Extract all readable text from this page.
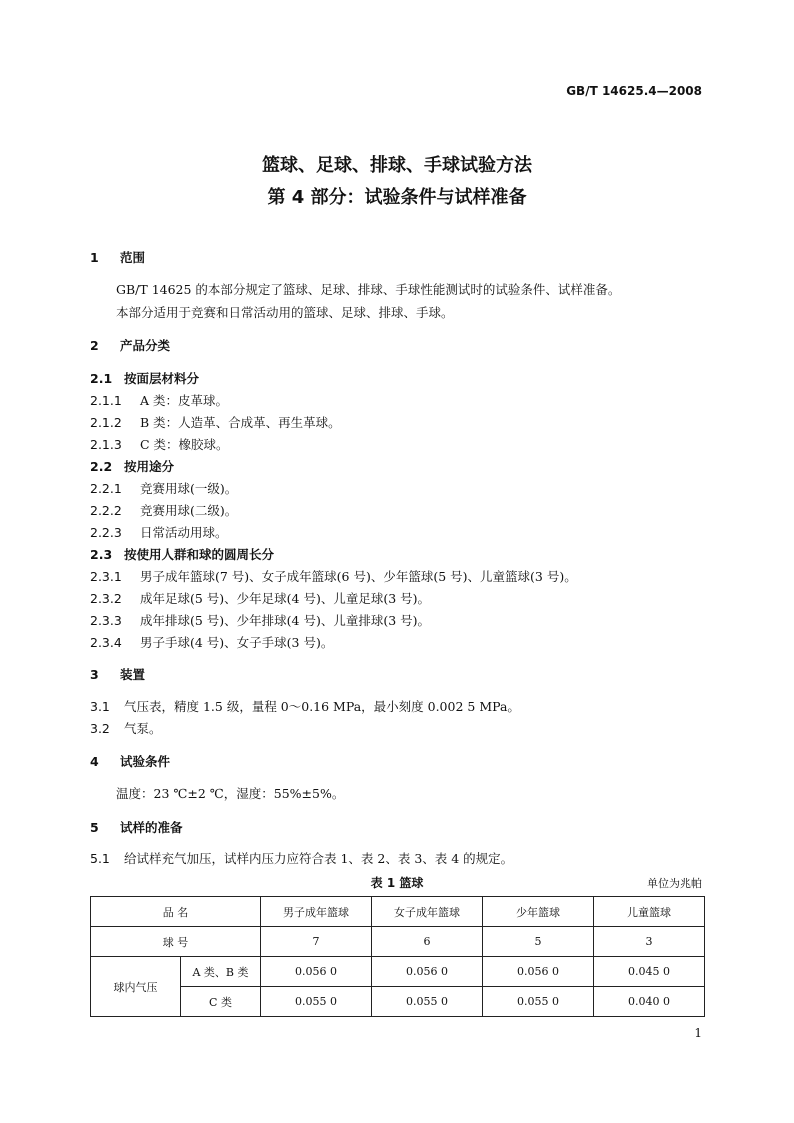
GB/T 14625.4—2008
篮球、足球、排球、手球试验方法
第 4 部分：试验条件与试样准备
1 范围
GB/T 14625 的本部分规定了篮球、足球、排球、手球性能测试时的试验条件、试样准备。
本部分适用于竞赛和日常活动用的篮球、足球、排球、手球。
2 产品分类
2.1 按面层材料分
2.1.1 A 类：皮革球。
2.1.2 B 类：人造革、合成革、再生革球。
2.1.3 C 类：橡胶球。
2.2 按用途分
2.2.1 竞赛用球(一级)。
2.2.2 竞赛用球(二级)。
2.2.3 日常活动用球。
2.3 按使用人群和球的圆周长分
2.3.1 男子成年篮球(7 号)、女子成年篮球(6 号)、少年篮球(5 号)、儿童篮球(3 号)。
2.3.2 成年足球(5 号)、少年足球(4 号)、儿童足球(3 号)。
2.3.3 成年排球(5 号)、少年排球(4 号)、儿童排球(3 号)。
2.3.4 男子手球(4 号)、女子手球(3 号)。
3 装置
3.1 气压表，精度 1.5 级，量程 0～0.16 MPa，最小刻度 0.002 5 MPa。
3.2 气泵。
4 试验条件
温度：23 ℃±2 ℃，湿度：55%±5%。
5 试样的准备
5.1 给试样充气加压，试样内压力应符合表 1、表 2、表 3、表 4 的规定。
表 1 篮球	单位为兆帕
品 名		男子成年篮球	女子成年篮球	少年篮球	儿童篮球
球 号		7	6	5	3
球内气压	A 类、B 类	0.056 0	0.056 0	0.056 0	0.045 0
	C 类	0.055 0	0.055 0	0.055 0	0.040 0
1
